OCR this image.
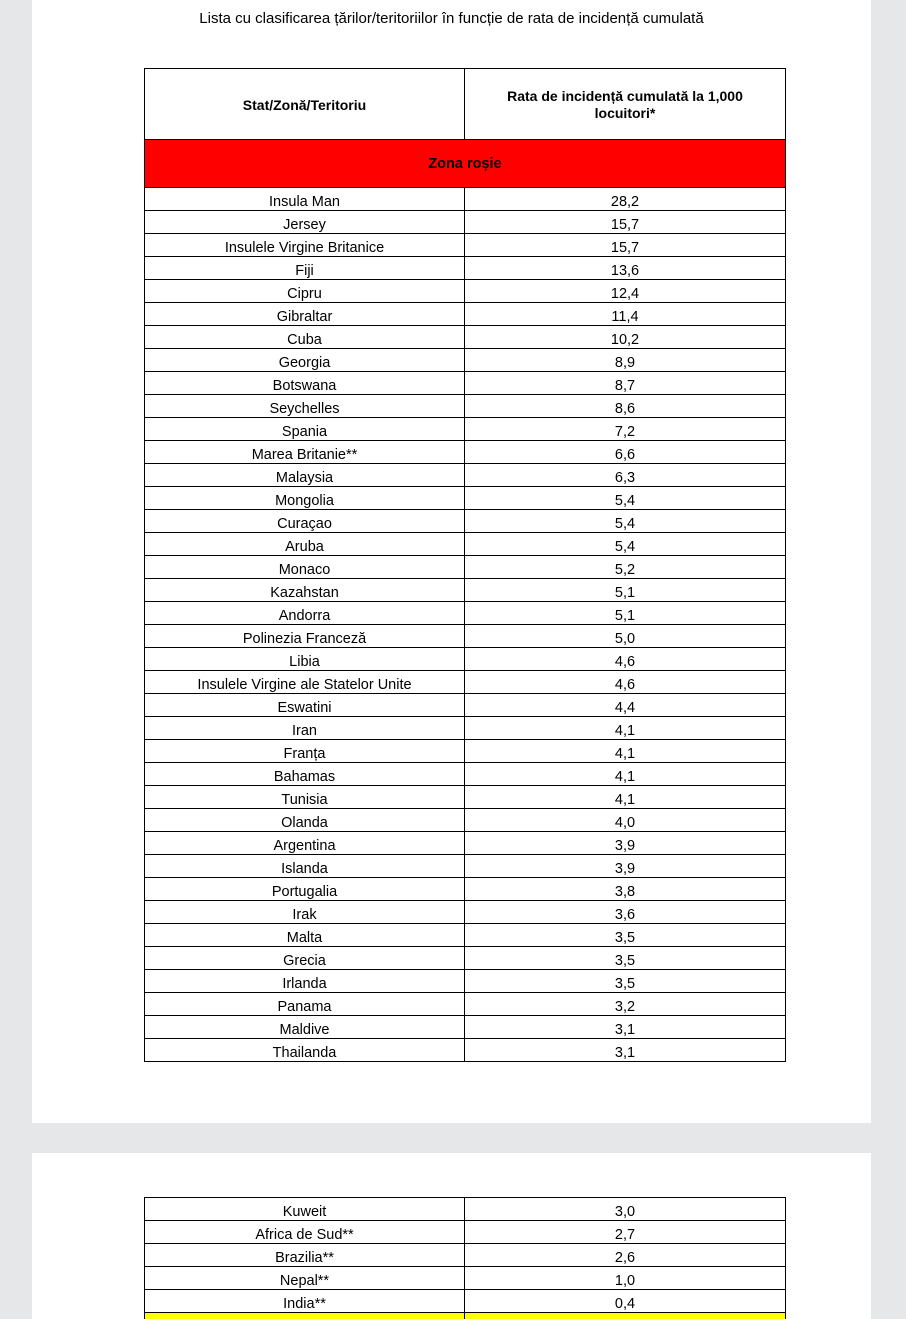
Lista cu clasificarea țărilor/teritoriilor în funcție de rata de incidență cumulată
Stat/Zonă/Teritoriu	Rata de incidență cumulată la 1,000 locuitori*
Zona roșie	
Insula Man	28,2
Jersey	15,7
Insulele Virgine Britanice	15,7
Fiji	13,6
Cipru	12,4
Gibraltar	11,4
Cuba	10,2
Georgia	8,9
Botswana	8,7
Seychelles	8,6
Spania	7,2
Marea Britanie**	6,6
Malaysia	6,3
Mongolia	5,4
Curaçao	5,4
Aruba	5,4
Monaco	5,2
Kazahstan	5,1
Andorra	5,1
Polinezia Franceză	5,0
Libia	4,6
Insulele Virgine ale Statelor Unite	4,6
Eswatini	4,4
Iran	4,1
Franța	4,1
Bahamas	4,1
Tunisia	4,1
Olanda	4,0
Argentina	3,9
Islanda	3,9
Portugalia	3,8
Irak	3,6
Malta	3,5
Grecia	3,5
Irlanda	3,5
Panama	3,2
Maldive	3,1
Thailanda	3,1
Kuweit	3,0
Africa de Sud**	2,7
Brazilia**	2,6
Nepal**	1,0
India**	0,4
